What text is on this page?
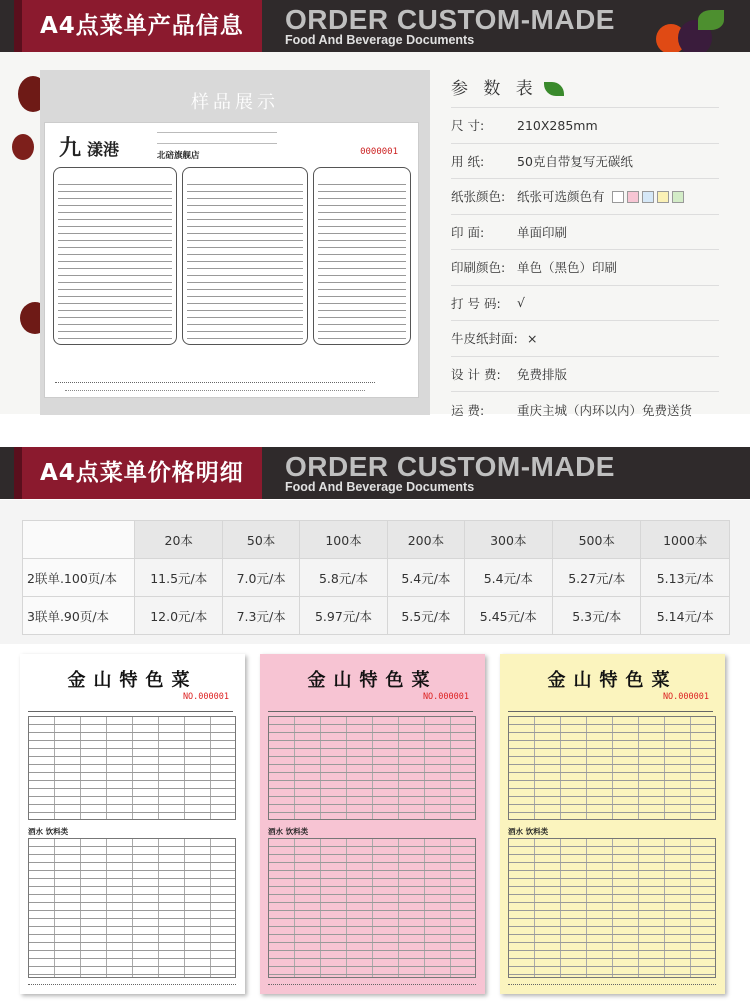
A4点菜单产品信息	ORDER CUSTOM-MADE
Food And Beverage Documents
样品展示
九 漾港	北碚旗舰店	0000001

参 数 表
尺 寸:	210X285mm
用 纸:	50克自带复写 无碳纸
纸张颜色: 纸张可选颜色有
印 面:	单面印刷
印刷颜色: 单色（黑色）印刷
打 号 码:	√
牛皮纸封面: ×
设 计 费:	免费排版
运 费:	重庆主城（内环以内） 免费送货
A4点菜单价格明细	ORDER CUSTOM-MADE
Food And Beverage Documents
	20本	50本	100本	200本	300本	500本	1000本
2联单.100页/本	11.5元/本	7.0元/本	5.8元/本	5.4元/本	5.4元/本	5.27元/本	5.13元/本
3联单.90页/本	12.0元/本	7.3元/本	5.97元/本	5.5元/本	5.45元/本	5.3元/本	5.14元/本
金山特色菜
NO.000001
酒水 饮料类
金山特色菜
NO.000001
酒水 饮料类
金山特色菜
NO.000001
酒水 饮料类
